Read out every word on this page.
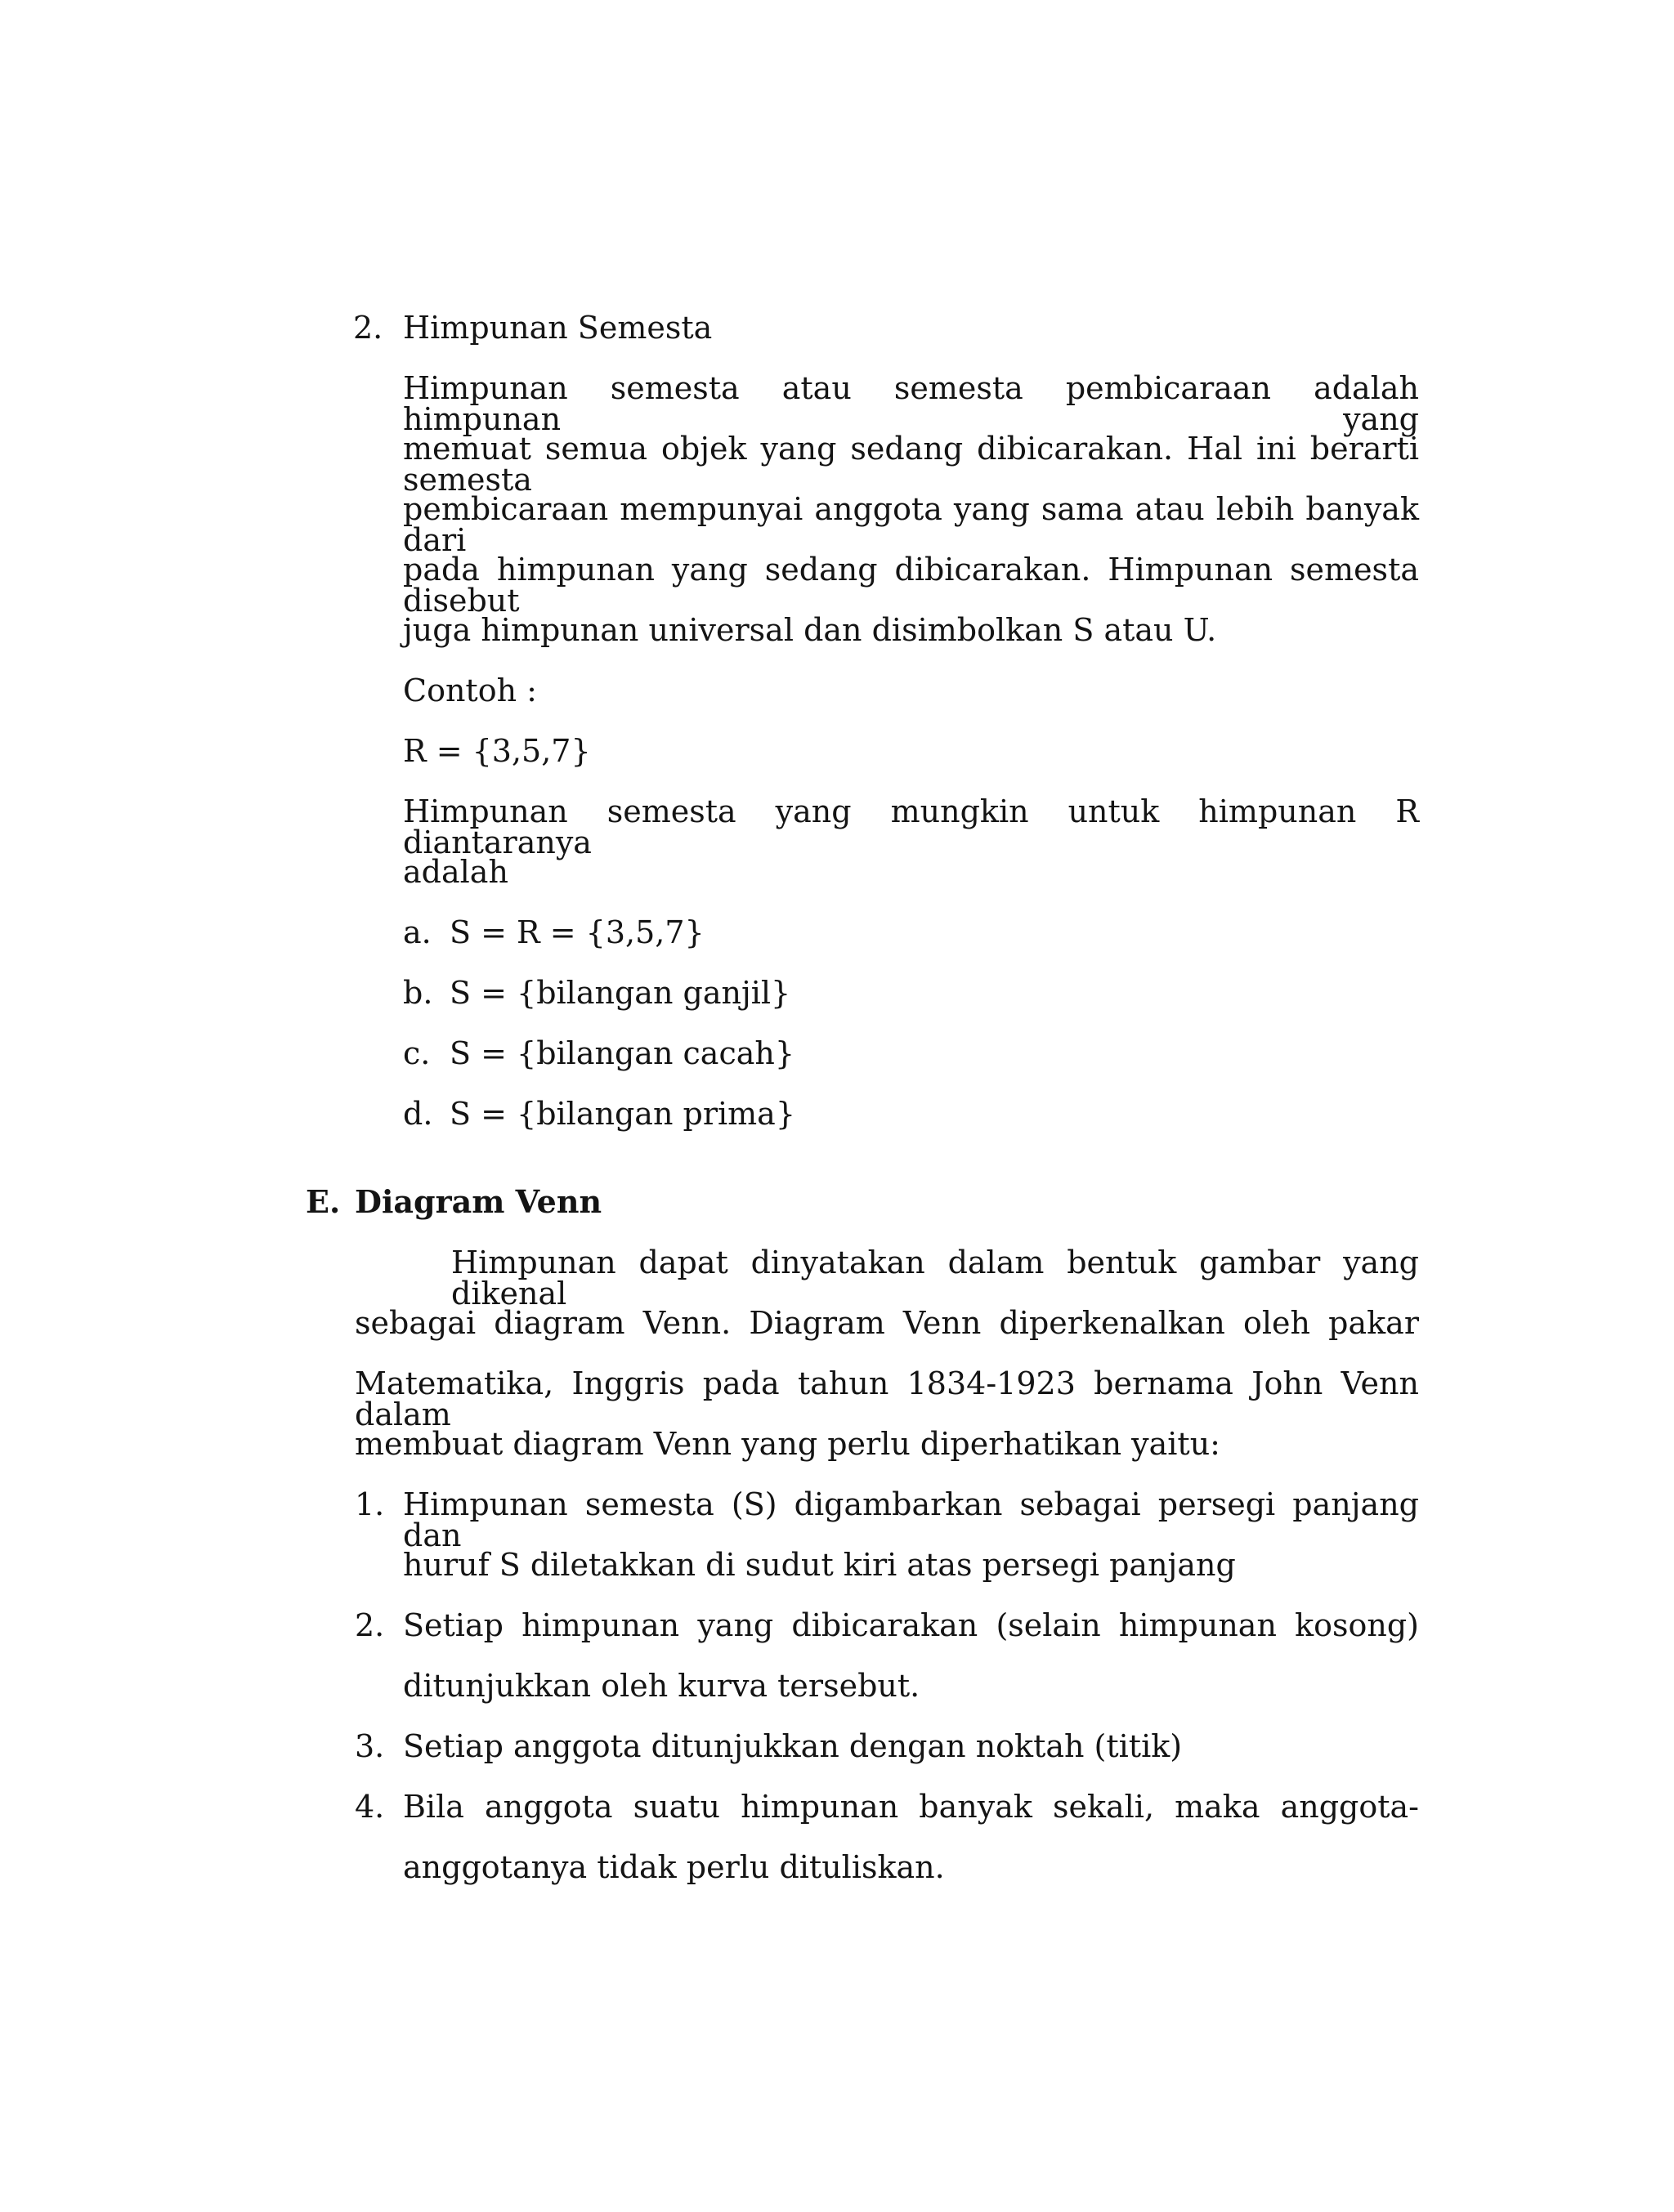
2. Himpunan Semesta
Himpunan semesta atau semesta pembicaraan adalah himpunan yang
memuat semua objek yang sedang dibicarakan. Hal ini berarti semesta
pembicaraan mempunyai anggota yang sama atau lebih banyak dari
pada himpunan yang sedang dibicarakan. Himpunan semesta disebut
juga himpunan universal dan disimbolkan S atau U.
Contoh :
R = {3,5,7}
Himpunan semesta yang mungkin untuk himpunan R diantaranya
adalah
a. S = R = {3,5,7}
b. S = {bilangan ganjil}
c. S = {bilangan cacah}
d. S = {bilangan prima}
E. Diagram Venn
Himpunan dapat dinyatakan dalam bentuk gambar yang dikenal
sebagai diagram Venn. Diagram Venn diperkenalkan oleh pakar
Matematika, Inggris pada tahun 1834-1923 bernama John Venn dalam
membuat diagram Venn yang perlu diperhatikan yaitu:
1. Himpunan semesta (S) digambarkan sebagai persegi panjang dan
huruf S diletakkan di sudut kiri atas persegi panjang
2. Setiap himpunan yang dibicarakan (selain himpunan kosong)
ditunjukkan oleh kurva tersebut.
3. Setiap anggota ditunjukkan dengan noktah (titik)
4. Bila anggota suatu himpunan banyak sekali, maka anggota-
anggotanya tidak perlu dituliskan.
